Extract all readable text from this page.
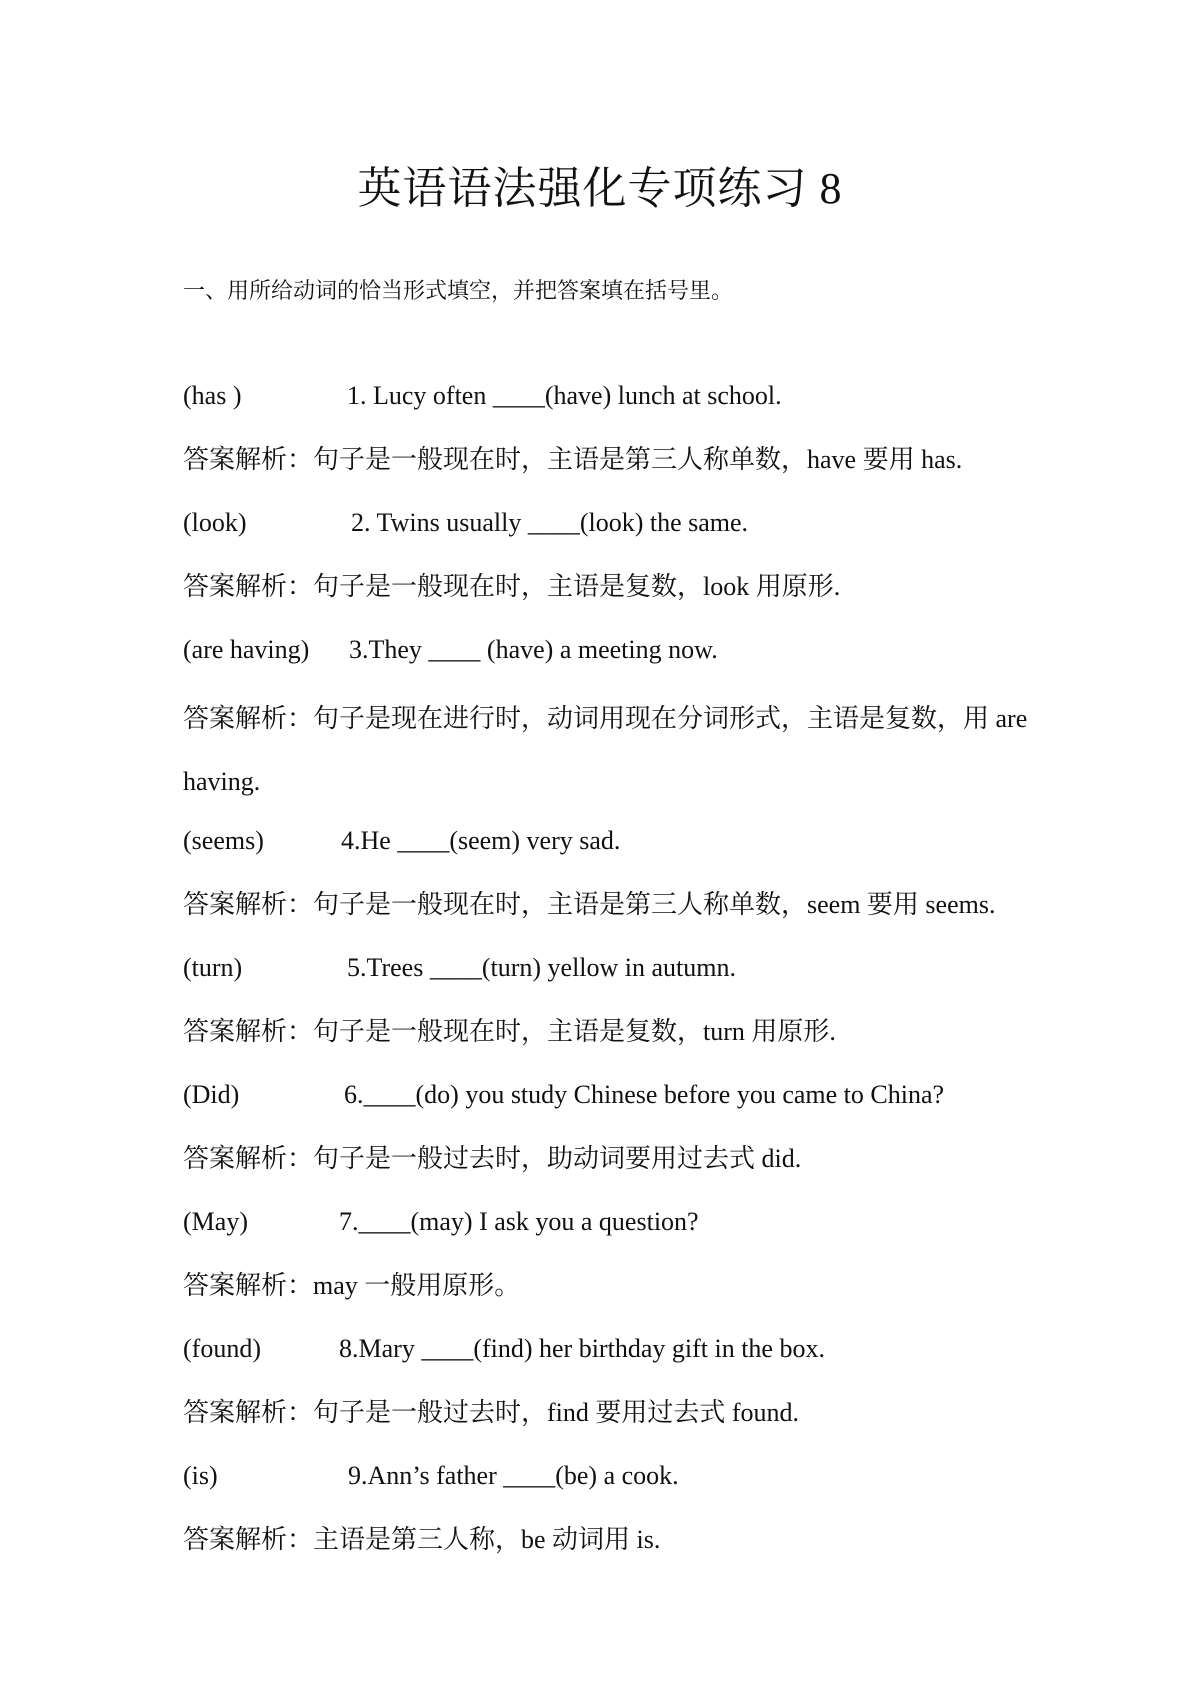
英语语法强化专项练习 8
一、用所给动词的恰当形式填空，并把答案填在括号里。
(has )	1. Lucy often ____(have) lunch at school.
答案解析：句子是一般现在时，主语是第三人称单数，have 要用 has.
(look)	2. Twins usually ____(look) the same.
答案解析：句子是一般现在时，主语是复数，look 用原形.
(are having) 3.They ____ (have) a meeting now.
答案解析：句子是现在进行时，动词用现在分词形式，主语是复数，用 are having.
(seems)	4.He ____(seem) very sad.
答案解析：句子是一般现在时，主语是第三人称单数，seem 要用 seems.
(turn)	5.Trees ____(turn) yellow in autumn.
答案解析：句子是一般现在时，主语是复数，turn 用原形.
(Did)	6.____(do) you study Chinese before you came to China?
答案解析：句子是一般过去时，助动词要用过去式 did.
(May)	7.____(may) I ask you a question?
答案解析：may 一般用原形。
(found)	8.Mary ____(find) her birthday gift in the box.
答案解析：句子是一般过去时，find 要用过去式 found.
(is)	9.Ann’s father ____(be) a cook.
答案解析：主语是第三人称，be 动词用 is.
